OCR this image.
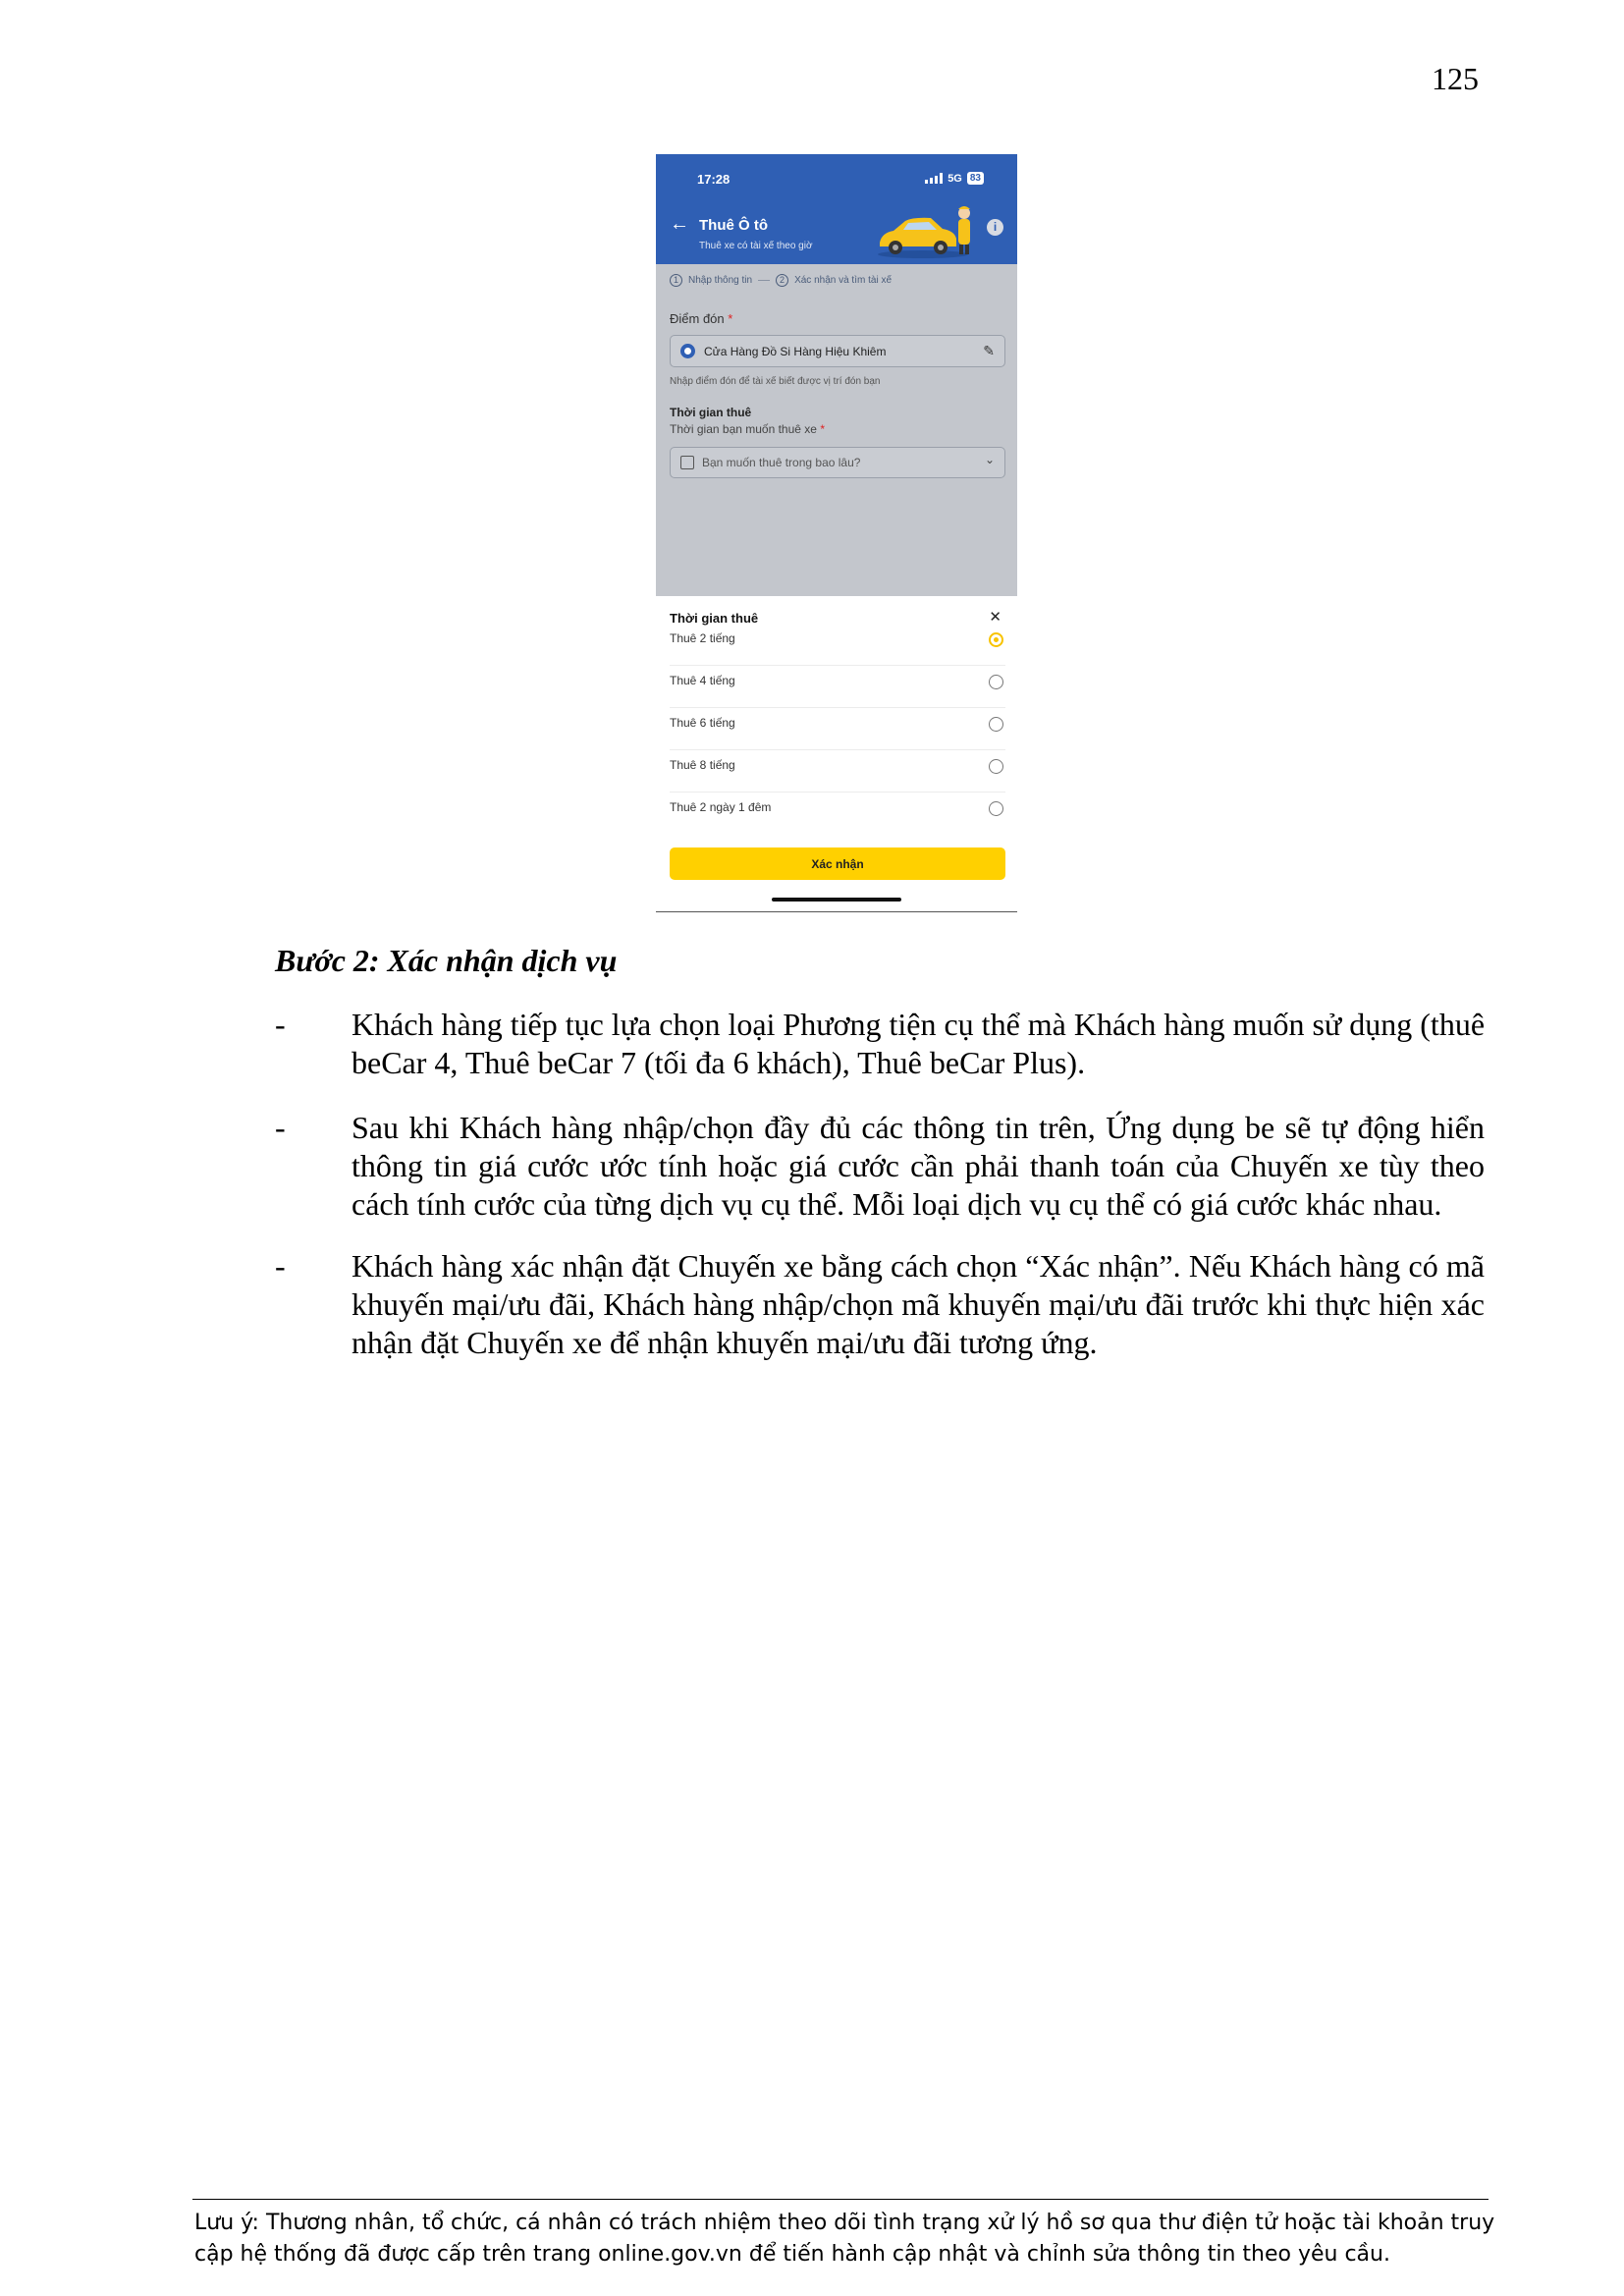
125
17:28	5G 83
← Thuê Ô tô
Thuê xe có tài xế theo giờ
i
1	Nhập thông tin	2	Xác nhận và tìm tài xế
Điểm đón *
Cửa Hàng Đồ Si Hàng Hiệu Khiêm	✎
Nhập điểm đón để tài xế biết được vị trí đón bạn
Thời gian thuê
Thời gian bạn muốn thuê xe *
Bạn muốn thuê trong bao lâu?	⌄
Thời gian thuê	✕
Thuê 2 tiếng
Thuê 4 tiếng
Thuê 6 tiếng
Thuê 8 tiếng
Thuê 2 ngày 1 đêm
Xác nhận
Bước 2: Xác nhận dịch vụ
- Khách hàng tiếp tục lựa chọn loại Phương tiện cụ thể mà Khách hàng muốn sử dụng (thuê beCar 4, Thuê beCar 7 (tối đa 6 khách), Thuê beCar Plus).
- Sau khi Khách hàng nhập/chọn đầy đủ các thông tin trên, Ứng dụng be sẽ tự động hiển thông tin giá cước ước tính hoặc giá cước cần phải thanh toán của Chuyến xe tùy theo cách tính cước của từng dịch vụ cụ thể. Mỗi loại dịch vụ cụ thể có giá cước khác nhau.
- Khách hàng xác nhận đặt Chuyến xe bằng cách chọn “Xác nhận”. Nếu Khách hàng có mã khuyến mại/ưu đãi, Khách hàng nhập/chọn mã khuyến mại/ưu đãi trước khi thực hiện xác nhận đặt Chuyến xe để nhận khuyến mại/ưu đãi tương ứng.
Lưu ý: Thương nhân, tổ chức, cá nhân có trách nhiệm theo dõi tình trạng xử lý hồ sơ qua thư điện tử hoặc tài khoản truy cập hệ thống đã được cấp trên trang online.gov.vn để tiến hành cập nhật và chỉnh sửa thông tin theo yêu cầu.
